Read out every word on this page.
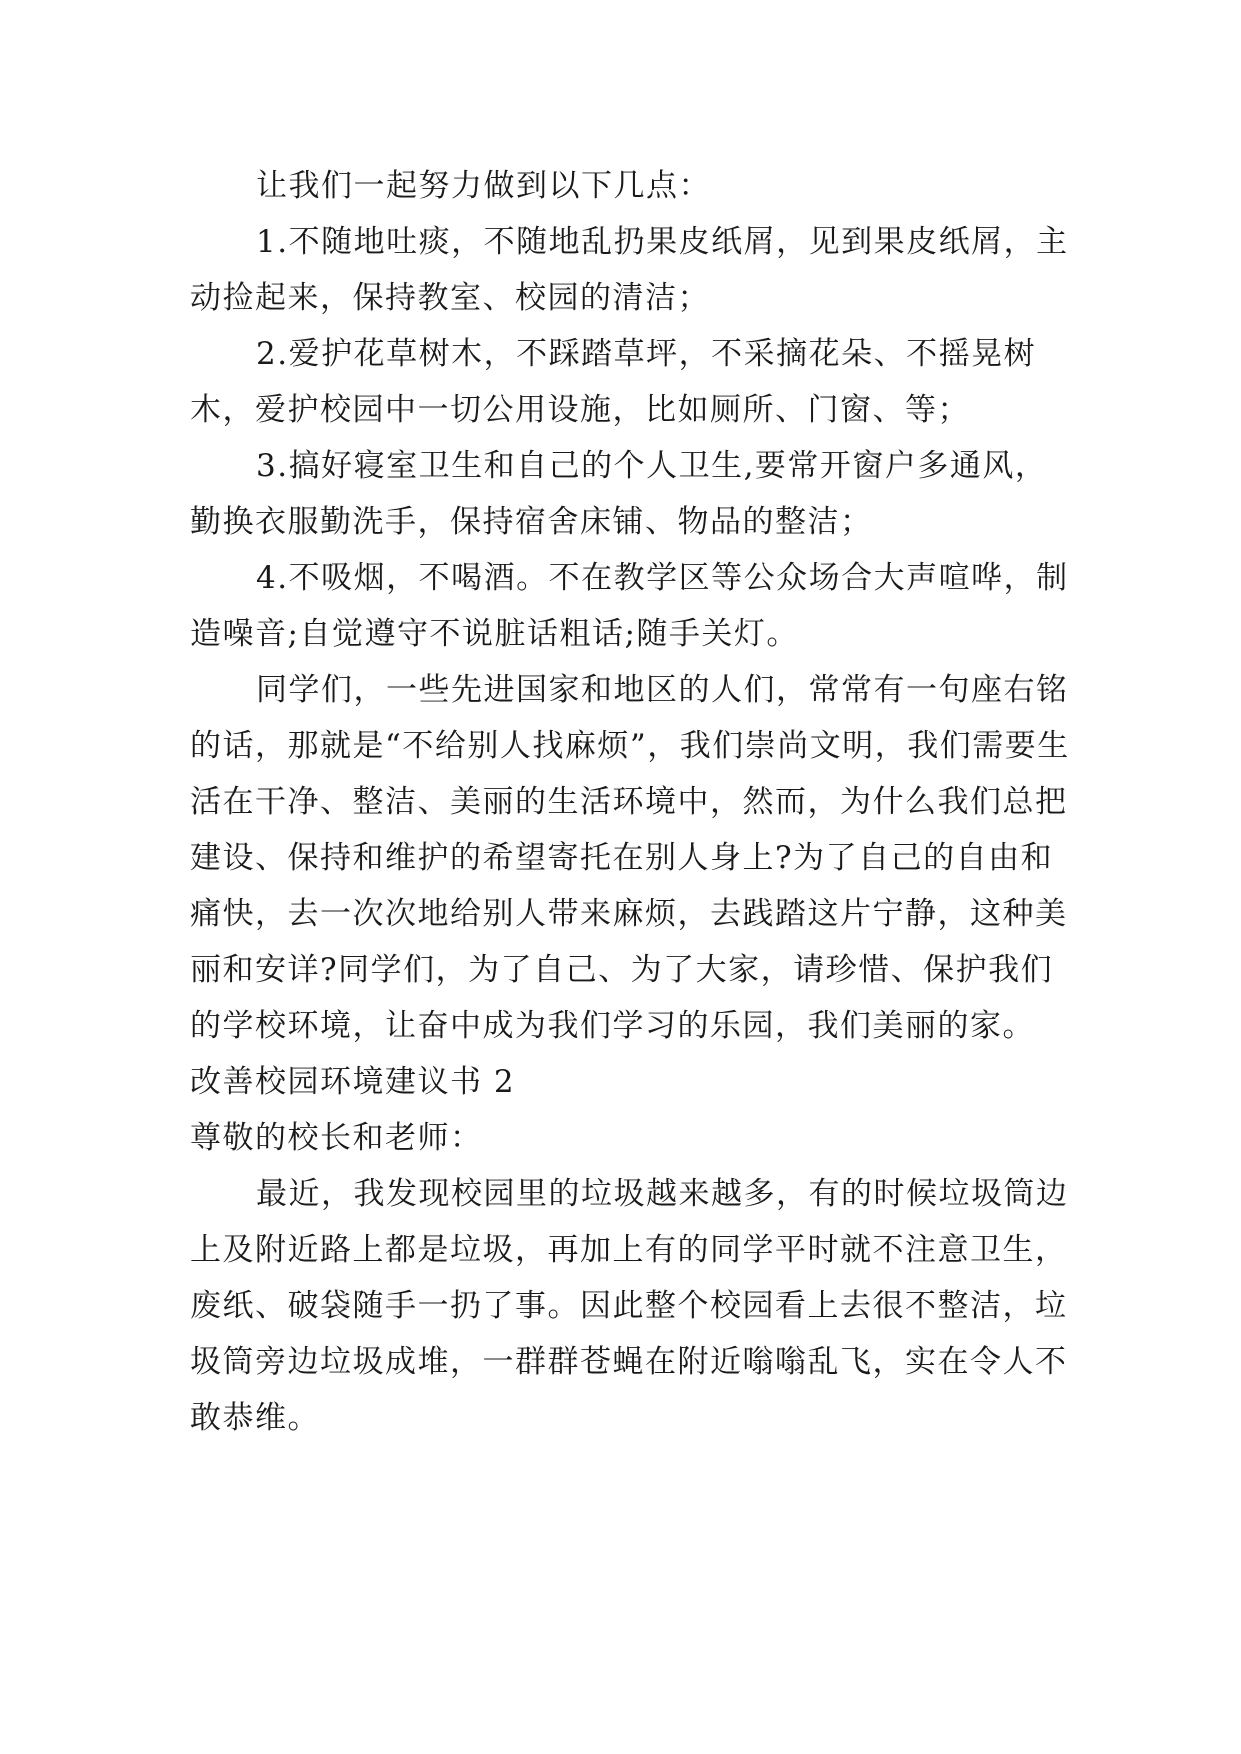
让我们一起努力做到以下几点：

1.不随地吐痰，不随地乱扔果皮纸屑，见到果皮纸屑，主动捡起来，保持教室、校园的清洁；

2.爱护花草树木，不踩踏草坪，不采摘花朵、不摇晃树木，爱护校园中一切公用设施，比如厕所、门窗、等；

3.搞好寝室卫生和自己的个人卫生,要常开窗户多通风，勤换衣服勤洗手，保持宿舍床铺、物品的整洁；

4.不吸烟，不喝酒。不在教学区等公众场合大声喧哗，制造噪音;自觉遵守不说脏话粗话;随手关灯。

同学们，一些先进国家和地区的人们，常常有一句座右铭的话，那就是“不给别人找麻烦”，我们崇尚文明，我们需要生活在干净、整洁、美丽的生活环境中，然而，为什么我们总把建设、保持和维护的希望寄托在别人身上?为了自己的自由和痛快，去一次次地给别人带来麻烦，去践踏这片宁静，这种美丽和安详?同学们，为了自己、为了大家，请珍惜、保护我们的学校环境，让奋中成为我们学习的乐园，我们美丽的家。

改善校园环境建议书 2

尊敬的校长和老师：

最近，我发现校园里的垃圾越来越多，有的时候垃圾筒边上及附近路上都是垃圾，再加上有的同学平时就不注意卫生，废纸、破袋随手一扔了事。因此整个校园看上去很不整洁，垃圾筒旁边垃圾成堆，一群群苍蝇在附近嗡嗡乱飞，实在令人不敢恭维。
